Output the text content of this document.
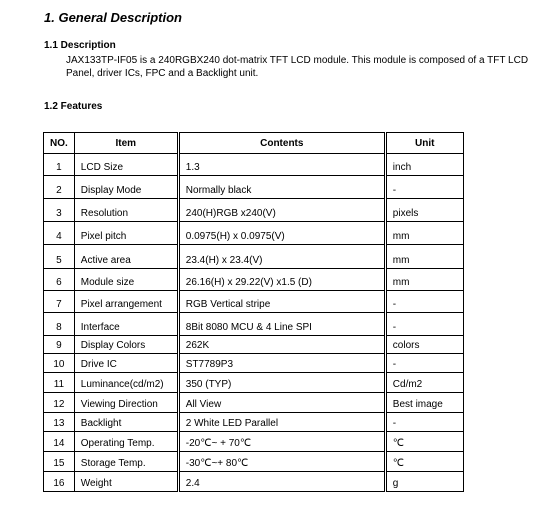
1. General Description
1.1 Description
JAX133TP-IF05 is a 240RGBX240 dot-matrix TFT LCD module. This module is composed of a TFT LCD Panel, driver ICs, FPC and a Backlight unit.
1.2 Features
NO.	Item	Contents	Unit
1	LCD Size	1.3	inch
2	Display Mode	Normally black	-
3	Resolution	240(H)RGB x240(V)	pixels
4	Pixel pitch	0.0975(H) x 0.0975(V)	mm
5	Active area	23.4(H) x 23.4(V)	mm
6	Module size	26.16(H) x 29.22(V) x1.5 (D)	mm
7	Pixel arrangement	RGB Vertical stripe	-
8	Interface	8Bit 8080 MCU & 4 Line SPI	-
9	Display Colors	262K	colors
10	Drive IC	ST7789P3	-
11	Luminance(cd/m2)	350 (TYP)	Cd/m2
12	Viewing Direction	All View	Best image
13	Backlight	2 White LED Parallel	-
14	Operating Temp.	-20℃~ + 70℃	℃
15	Storage Temp.	-30℃~+ 80℃	℃
16	Weight	2.4	g
